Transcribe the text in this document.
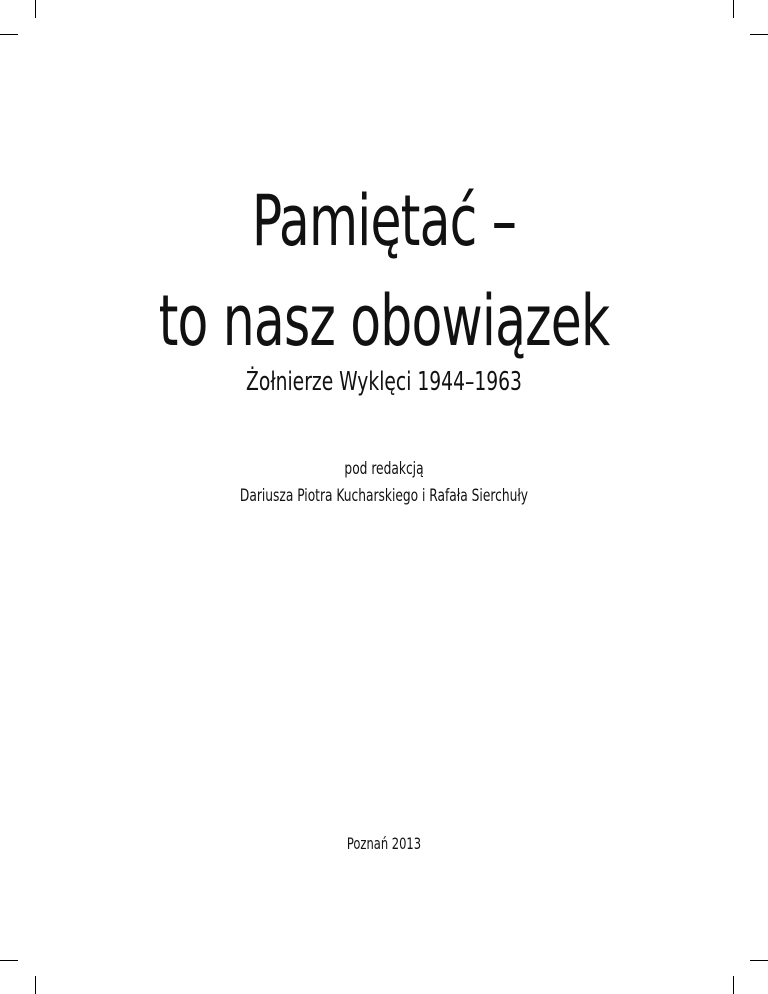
Pamiętać –
to nasz obowiązek
Żołnierze Wyklęci 1944–1963
pod redakcją
Dariusza Piotra Kucharskiego i Rafała Sierchuły
Poznań 2013
